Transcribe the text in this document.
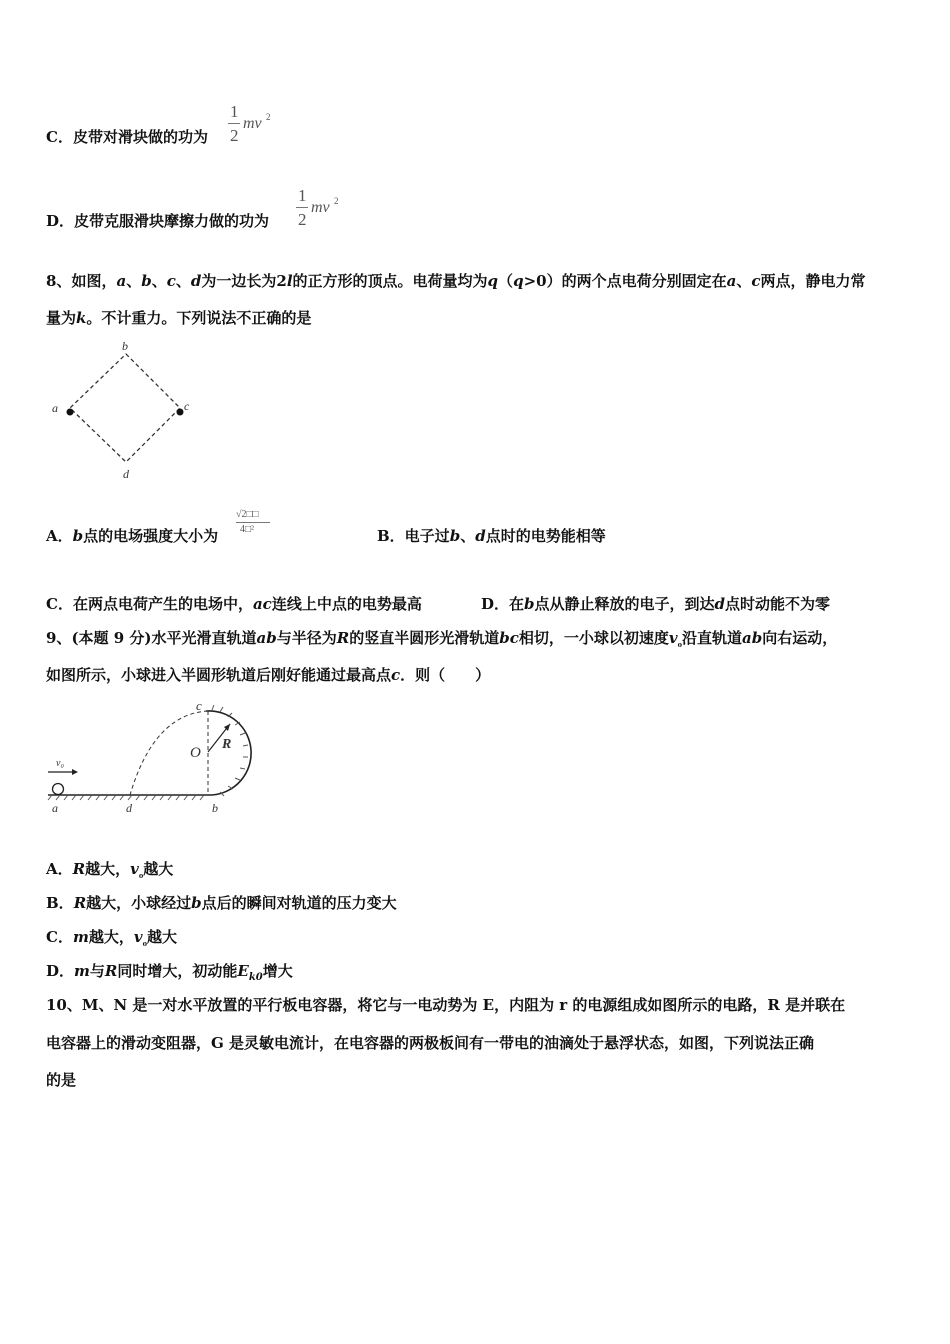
C．皮带对滑块做的功为
1
2
mv 2
D．皮带克服滑块摩擦力做的功为
1
2
mv 2
8、如图，a、b、c、d为一边长为2l的正方形的顶点。电荷量均为q（q>0）的两个点电荷分别固定在a、c两点，静电力常
量为k。不计重力。下列说法不正确的是
b
a	c
d
A．b点的电场强度大小为
√2□□
4□²	B．电子过b、d点时的电势能相等
C．在两点电荷产生的电场中，ac连线上中点的电势最高	D．在b点从静止释放的电子，到达d点时动能不为零
9、(本题 9 分)水平光滑直轨道ab与半径为R的竖直半圆形光滑轨道bc相切，一小球以初速度$v_{_0}$沿直轨道ab向右运动，
如图所示，小球进入半圆形轨道后刚好能通过最高点c．则（　　）
v₀
a	d	b
c
O
R
A．R越大，$v_{_0}$越大
B．R越大，小球经过b点后的瞬间对轨道的压力变大
C．m越大，$v_{_0}$越大
D．m与R同时增大，初动能$E_{k0}$增大
10、M、N 是一对水平放置的平行板电容器，将它与一电动势为 E，内阻为 r 的电源组成如图所示的电路，R 是并联在
电容器上的滑动变阻器，G 是灵敏电流计，在电容器的两极板间有一带电的油滴处于悬浮状态，如图，下列说法正确
的是
